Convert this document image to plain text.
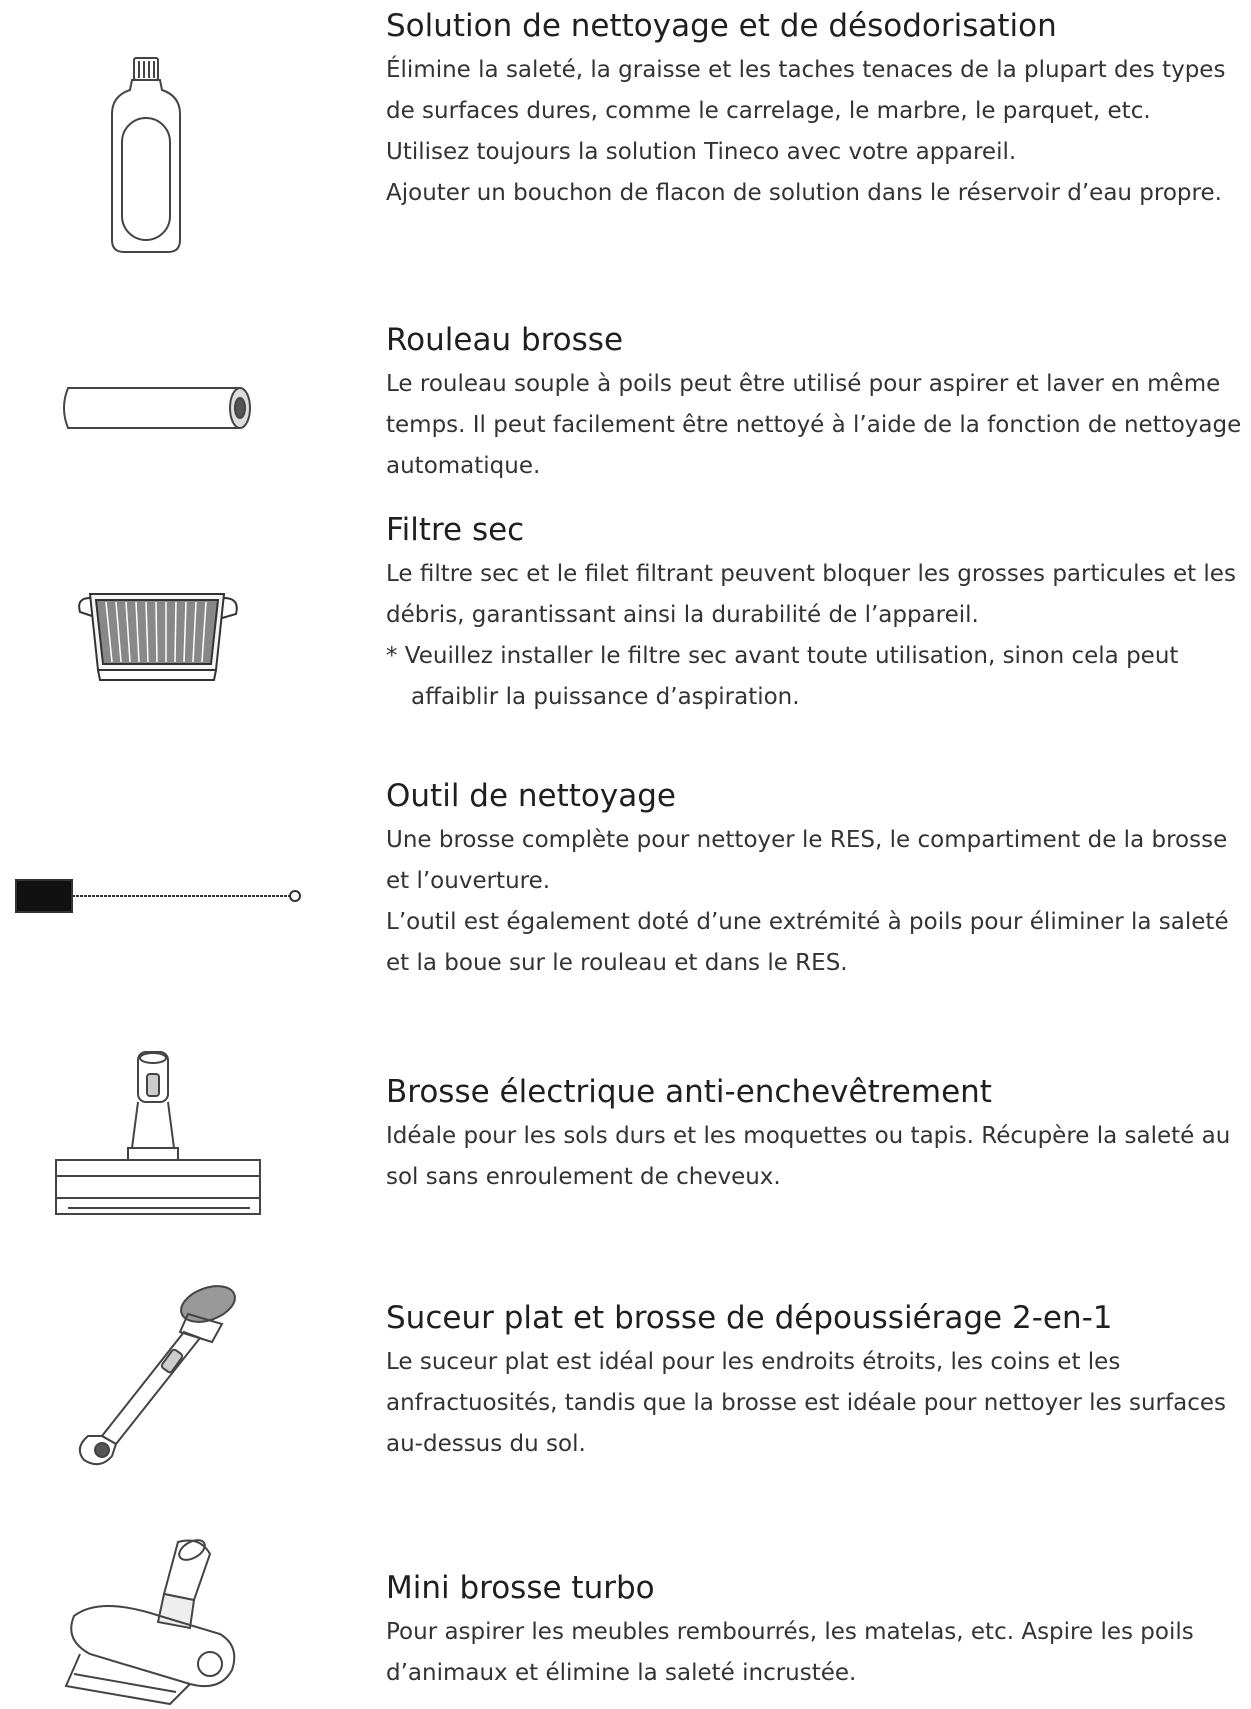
Solution de nettoyage et de désodorisation

Élimine la saleté, la graisse et les taches tenaces de la plupart des types de surfaces dures, comme le carrelage, le marbre, le parquet, etc.

Utilisez toujours la solution Tineco avec votre appareil.

Ajouter un bouchon de flacon de solution dans le réservoir d’eau propre.

Rouleau brosse

Le rouleau souple à poils peut être utilisé pour aspirer et laver en même temps. Il peut facilement être nettoyé à l’aide de la fonction de nettoyage automatique.

Filtre sec

Le filtre sec et le filet filtrant peuvent bloquer les grosses particules et les débris, garantissant ainsi la durabilité de l’appareil.

* Veuillez installer le filtre sec avant toute utilisation, sinon cela peut affaiblir la puissance d’aspiration.

Outil de nettoyage

Une brosse complète pour nettoyer le RES, le compartiment de la brosse et l’ouverture.

L’outil est également doté d’une extrémité à poils pour éliminer la saleté et la boue sur le rouleau et dans le RES.

Brosse électrique anti-enchevêtrement

Idéale pour les sols durs et les moquettes ou tapis. Récupère la saleté au sol sans enroulement de cheveux.

Suceur plat et brosse de dépoussiérage 2-en-1

Le suceur plat est idéal pour les endroits étroits, les coins et les anfractuosités, tandis que la brosse est idéale pour nettoyer les surfaces au-dessus du sol.

Mini brosse turbo

Pour aspirer les meubles rembourrés, les matelas, etc. Aspire les poils d’animaux et élimine la saleté incrustée.
